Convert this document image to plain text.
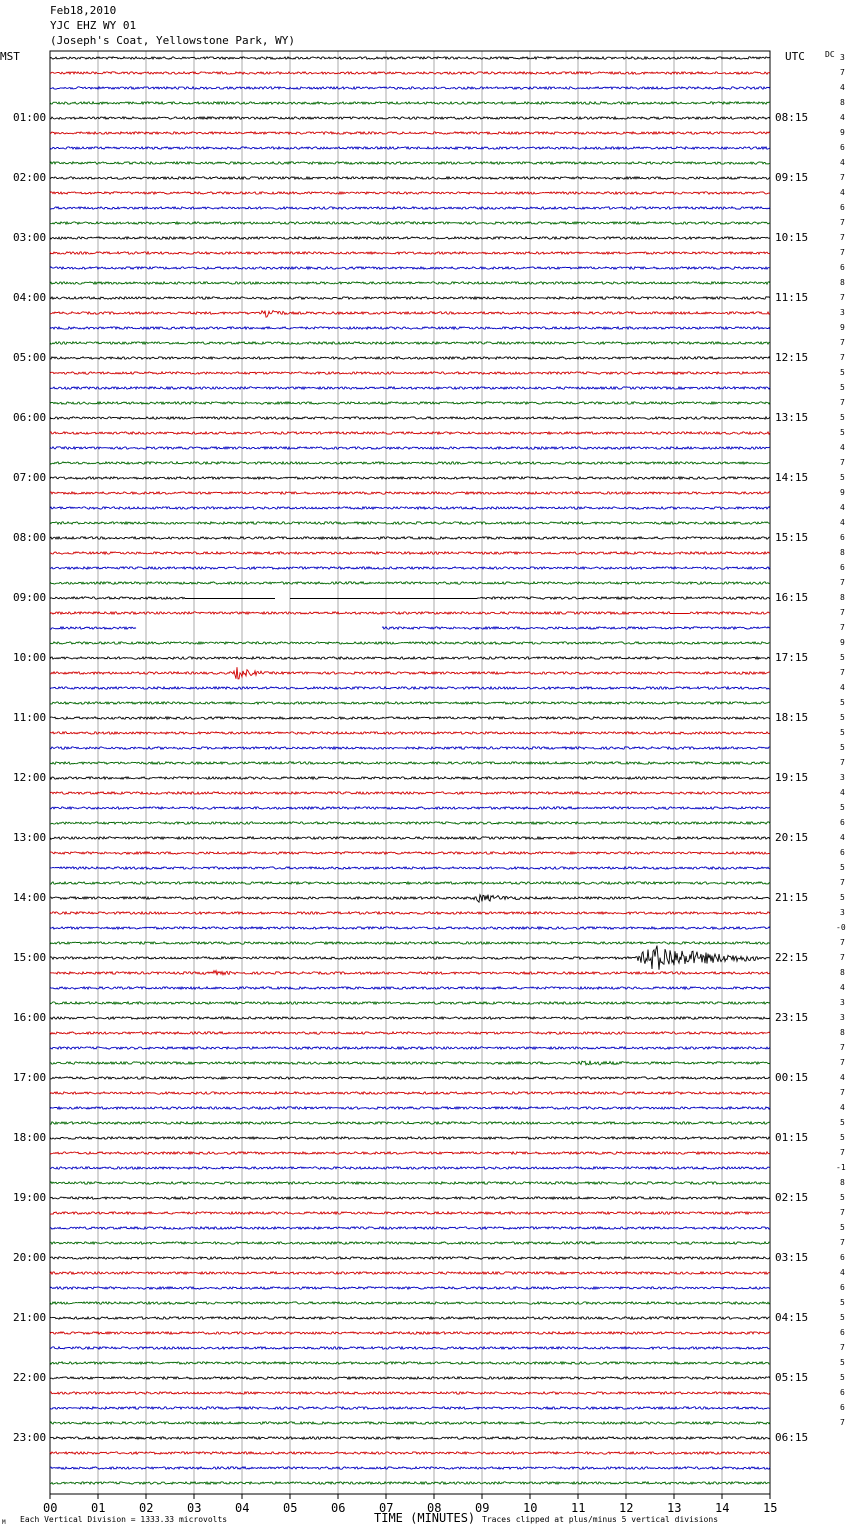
Feb18,2010
YJC EHZ WY 01
(Joseph's Coat, Yellowstone Park, WY)
MST	UTC	DC
00	01	02	03	04	05	06	07	08	09	10	11	12	13	14	15
01:00
02:00
03:00
04:00
05:00
06:00
07:00
08:00
09:00
10:00
11:00
12:00
13:00
14:00
15:00
16:00
17:00
18:00
19:00
20:00
21:00
22:00
23:00
08:15
09:15
10:15
11:15
12:15
13:15
14:15
15:15
16:15
17:15
18:15
19:15
20:15
21:15
22:15
23:15
00:15
01:15
02:15
03:15
04:15
05:15
06:15
3
7
4
8
4
9
6
4
7
4
6
7
7
7
6
8
7
3
9
7
7
5
5
7
5
5
4
7
5
9
4
4
6
8
6
7
8
7
7
9
5
7
4
5
5
5
5
7
3
4
5
6
4
6
5
7
5
3
-0
7
7
8
4
3
3
8
7
7
4
7
4
5
5
7
-1
8
5
7
5
7
6
4
6
5
5
6
7
5
5
6
6
7
TIME (MINUTES)
Each Vertical Division = 1333.33 microvolts	Traces clipped at plus/minus 5 vertical divisions
M
